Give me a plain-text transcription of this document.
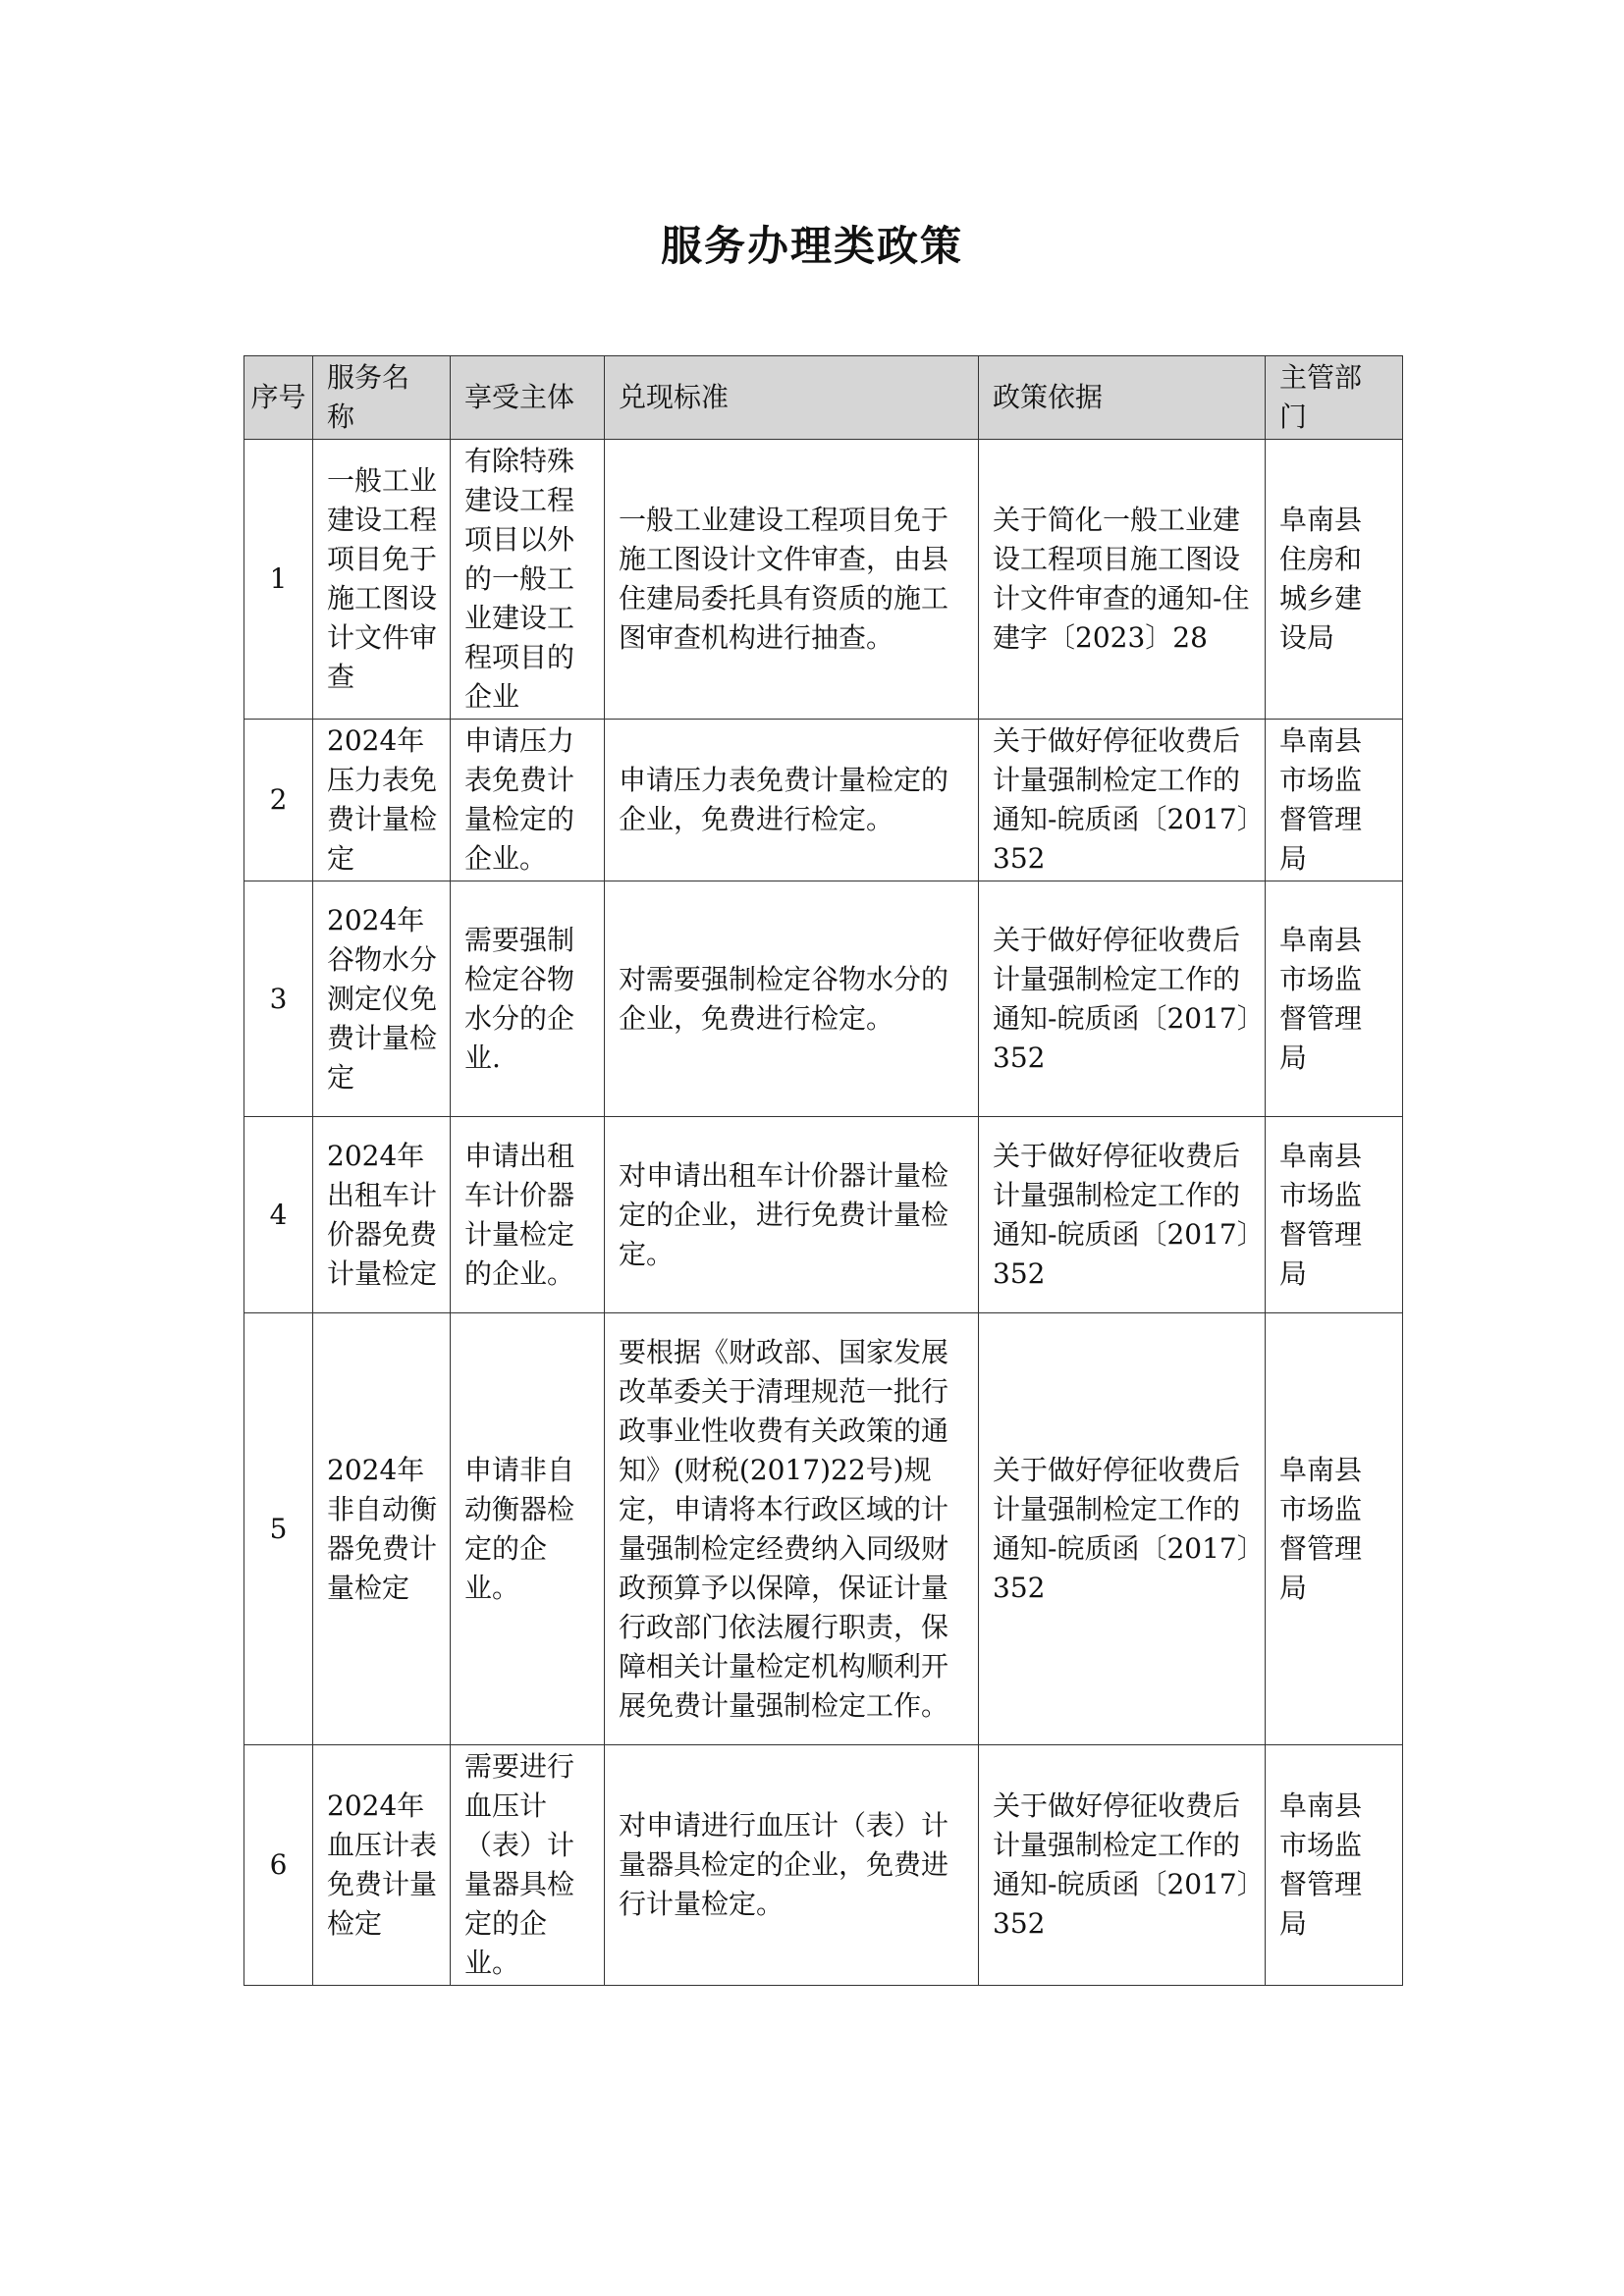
服务办理类政策
序号	服务名称	享受主体	兑现标准	政策依据	主管部门
1	一般工业建设工程项目免于施工图设计文件审查	有除特殊建设工程项目以外的一般工业建设工程项目的企业	一般工业建设工程项目免于施工图设计文件审查，由县住建局委托具有资质的施工图审查机构进行抽查。	关于简化一般工业建设工程项目施工图设计文件审查的通知-住建字〔2023〕28	阜南县住房和城乡建设局
2	2024年压力表免费计量检定	申请压力表免费计量检定的企业。	申请压力表免费计量检定的企业，免费进行检定。	关于做好停征收费后计量强制检定工作的通知-皖质函〔2017〕352	阜南县市场监督管理局
3	2024年谷物水分测定仪免费计量检定	需要强制检定谷物水分的企业.	对需要强制检定谷物水分的企业，免费进行检定。	关于做好停征收费后计量强制检定工作的通知-皖质函〔2017〕352	阜南县市场监督管理局
4	2024年出租车计价器免费计量检定	申请出租车计价器计量检定的企业。	对申请出租车计价器计量检定的企业，进行免费计量检定。	关于做好停征收费后计量强制检定工作的通知-皖质函〔2017〕352	阜南县市场监督管理局
5	2024年非自动衡器免费计量检定	申请非自动衡器检定的企业。	要根据《财政部、国家发展改革委关于清理规范一批行政事业性收费有关政策的通知》(财税(2017)22号)规定，申请将本行政区域的计量强制检定经费纳入同级财政预算予以保障，保证计量行政部门依法履行职责，保障相关计量检定机构顺利开展免费计量强制检定工作。	关于做好停征收费后计量强制检定工作的通知-皖质函〔2017〕352	阜南县市场监督管理局
6	2024年血压计表免费计量检定	需要进行血压计（表）计量器具检定的企业。	对申请进行血压计（表）计量器具检定的企业，免费进行计量检定。	关于做好停征收费后计量强制检定工作的通知-皖质函〔2017〕352	阜南县市场监督管理局
